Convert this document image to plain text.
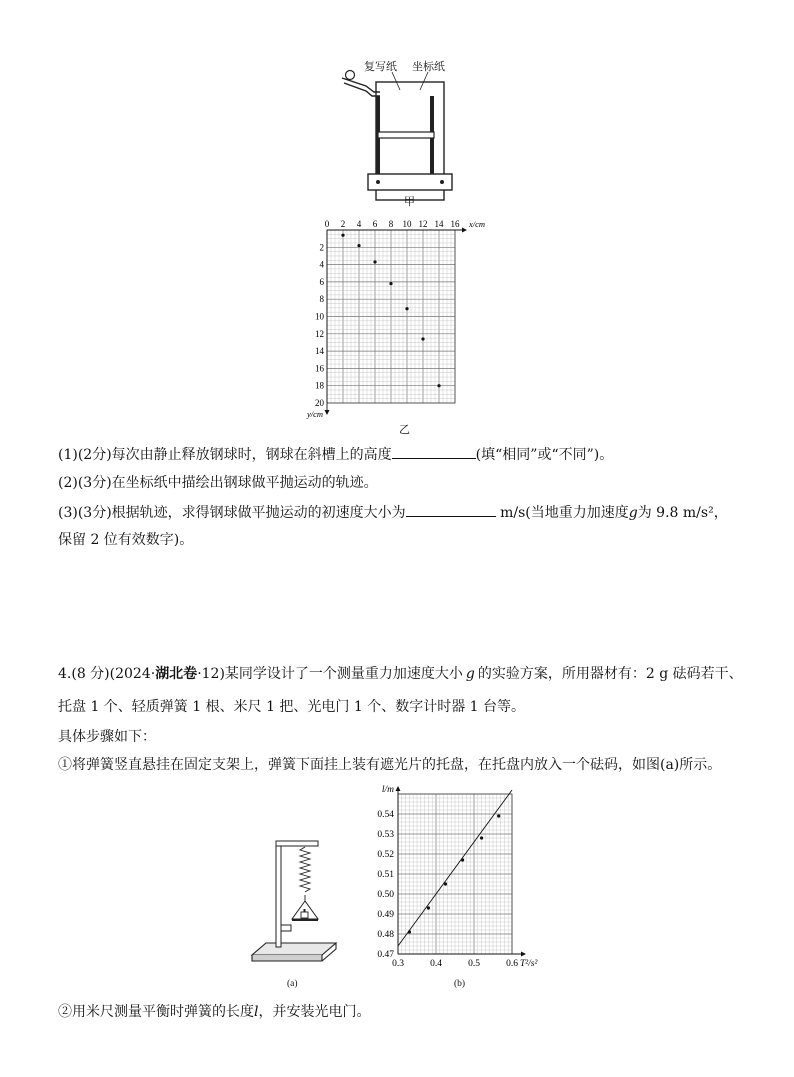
复写纸 坐标纸
甲
0 2 4 6 8 10 12 14 16
2
4
6
8
10
12
14
16
18
20
x/cm
y/cm
乙
(1)(2分)每次由静止释放钢球时，钢球在斜槽上的高度	(填“相同”或“不同”)。
(2)(3分)在坐标纸中描绘出钢球做平抛运动的轨迹。
(3)(3分)根据轨迹，求得钢球做平抛运动的初速度大小为	m/s(当地重力加速度g为 9.8 m/s²，
保留 2 位有效数字)。
4.(8 分)(2024·湖北卷·12)某同学设计了一个测量重力加速度大小 g 的实验方案，所用器材有：2 g 砝码若干、
托盘 1 个、轻质弹簧 1 根、米尺 1 把、光电门 1 个、数字计时器 1 台等。
具体步骤如下：
①将弹簧竖直悬挂在固定支架上，弹簧下面挂上装有遮光片的托盘，在托盘内放入一个砝码，如图(a)所示。
(a)
0.3	0.4	0.5	0.6
0.47
0.48
0.49
0.50
0.51
0.52
0.53
0.54
T²/s²
l/m
(b)
②用米尺测量平衡时弹簧的长度l，并安装光电门。
